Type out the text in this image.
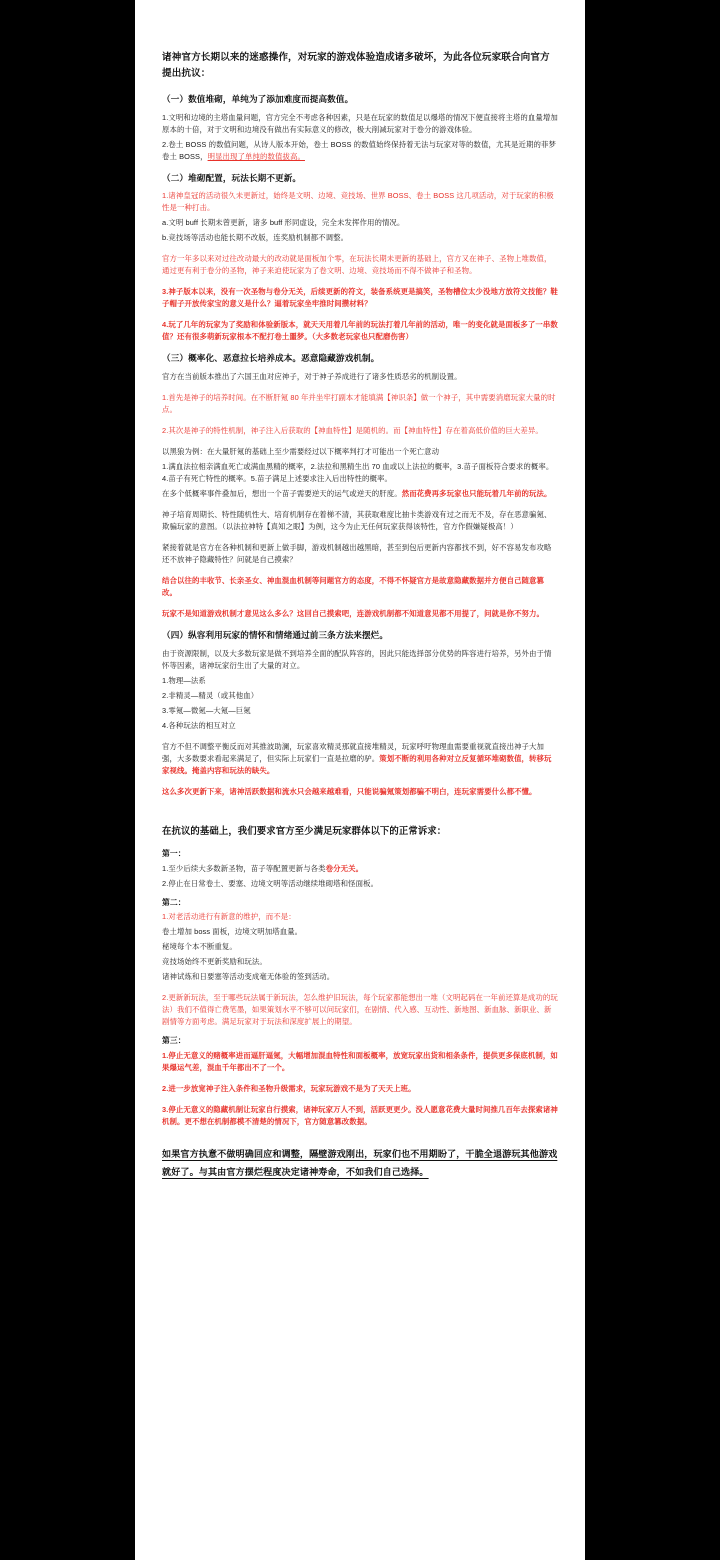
诸神官方长期以来的迷惑操作，对玩家的游戏体验造成诸多破坏，为此各位玩家联合向官方提出抗议：

（一）数值堆砌，单纯为了添加难度而提高数值。

1.文明和边境的主塔血量问题，官方完全不考虑各种因素，只是在玩家的数值足以爆塔的情况下便直接将主塔的血量增加原本的十倍，对于文明和边境没有做出有实际意义的修改，极大削减玩家对于卷分的游戏体验。

2.卷土 BOSS 的数值问题，从诗人版本开始，卷土 BOSS 的数值始终保持着无法与玩家对等的数值，尤其是近期的菲梦卷土 BOSS，明显出现了单纯的数值拔高。

（二）堆砌配置，玩法长期不更新。

1.诸神皇冠的活动很久未更新过，始终是文明、边境、竞技场、世界 BOSS、卷土 BOSS 这几项活动，对于玩家的积极性是一种打击。

a.文明 buff 长期未曾更新，诸多 buff 形同虚设，完全未发挥作用的情况。

b.竞技场等活动也能长期不改版，连奖励机制都不调整。

官方一年多以来对过往改动最大的改动就是面板加个零，在玩法长期未更新的基础上，官方又在神子、圣物上堆数值，通过更有利于卷分的圣物，神子来迫使玩家为了卷文明、边境、竞技场而不得不做神子和圣物。

3.神子版本以来，没有一次圣物与卷分无关，后续更新的符文，装备系统更是搞笑，圣物槽位太少没地方放符文技能？鞋子帽子开放传家宝的意义是什么？逼着玩家坐牢推时间攒材料？

4.玩了几年的玩家为了奖励和体验新版本，就天天用着几年前的玩法打着几年前的活动，唯一的变化就是面板多了一串数值？还有很多萌新玩家根本不配打卷土噩梦。（大多数老玩家也只配磨伤害）

（三）概率化、恶意拉长培养成本。恶意隐藏游戏机制。

官方在当前版本推出了六国王血对应神子，对于神子养成进行了诸多性质恶劣的机制设置。

1.首先是神子的培养时间。在不断肝氪 80 年并坐牢打副本才能填满【神识条】做一个神子，其中需要消磨玩家大量的时点。

2.其次是神子的特性机制，神子注入后获取的【神血特性】是随机的。而【神血特性】存在着高低价值的巨大差异。

以黑狼为例：在大量肝氪的基础上至少需要经过以下概率判打才可能出一个死亡意动

1.满血法拉相亲满血死亡或满血黑精的概率，2.法拉和黑精生出 70 血或以上法拉的概率，3.苗子面板符合要求的概率。4.苗子有死亡特性的概率。5.苗子满足上述要求注入后出特性的概率。

在多个低概率事件叠加后，想出一个苗子需要逆天的运气或逆天的肝度。然而花费再多玩家也只能玩着几年前的玩法。

神子培育周期长、特性随机性大、培育机制存在着梯不清，其获取难度比抽卡类游戏有过之而无不及，存在恶意骗氪、欺骗玩家的意图。（以法拉神特【真知之眼】为例，这今为止无任何玩家获得该特性，官方作假嫌疑极高！）

紧接着就是官方在各种机制和更新上做手脚，游戏机制越出越黑暗，甚至到包后更新内容都找不到，好不容易发布攻略还不放神子隐藏特性？问就是自己摸索？

结合以往的丰收节、长亲圣女、神血混血机制等问题官方的态度，不得不怀疑官方是故意隐藏数据并方便自己随意篡改。

玩家不是知道游戏机制才意见这么多么？这回自己摸索吧，连游戏机制都不知道意见都不用提了，问就是你不努力。

（四）纵容利用玩家的情怀和情绪通过前三条方法来摆烂。

由于资源限制，以及大多数玩家是做不到培养全面的配队阵容的，因此只能选择部分优势的阵容进行培养，另外由于情怀等因素，诸神玩家衍生出了大量的对立。

1.物理—法系

2.非精灵—精灵（或其他血）

3.零氪—微氪—大氪—巨氪

4.各种玩法的相互对立

官方不但不调整平衡反而对其推波助澜，玩家喜欢精灵那就直接堆精灵，玩家呼吁物理血需要重视就直接出神子大加强，大多数要求看起来满足了，但实际上玩家们一直是拉磨的驴。策划不断的利用各种对立反复循环堆砌数值，转移玩家视线。掩盖内容和玩法的缺失。

这么多次更新下来，诸神活跃数据和流水只会越来越难看，只能说骗氪策划都骗不明白，连玩家需要什么都不懂。

在抗议的基础上，我们要求官方至少满足玩家群体以下的正常诉求：

第一：

1.至少后续大多数新圣物，苗子等配置更新与各类卷分无关。

2.停止在日常卷土、要塞、边境文明等活动继续堆砌塔和怪面板。

第二：

1.对老活动进行有新意的维护，而不是：

卷土增加 boss 面板，边境文明加塔血量。

秘境每个本不断重复。

竞技场始终不更新奖励和玩法。

诸神试炼和日要塞等活动变成毫无体验的签到活动。

2.更新新玩法，至于哪些玩法属于新玩法，怎么维护旧玩法，每个玩家都能想出一堆（文明起码在一年前还算是成功的玩法）我们不值得亡费笔墨，如果策划水平不够可以问玩家们，在剧情、代入感、互动性、新地图、新血脉、新职业、新剧情等方面考虑。满足玩家对于玩法和深度扩展上的期望。

第三：

1.停止无意义的赌概率进而逼肝逼氪，大幅增加混血特性和面板概率，放宽玩家出货和相条条件，提供更多保底机制，如果爆运气差，混血千年都出不了一个。

2.进一步放宽神子注入条件和圣物升级需求，玩家玩游戏不是为了天天上班。

3.停止无意义的隐藏机制让玩家自行摸索，诸神玩家万人不到，活跃更更少。没人愿意花费大量时间推几百年去探索诸神机制。更不想在机制都模不清楚的情况下，官方随意篡改数据。

如果官方执意不做明确回应和调整，隔壁游戏刚出，玩家们也不用期盼了，干脆全退游玩其他游戏就好了。与其由官方摆烂程度决定诸神寿命，不如我们自己选择。
